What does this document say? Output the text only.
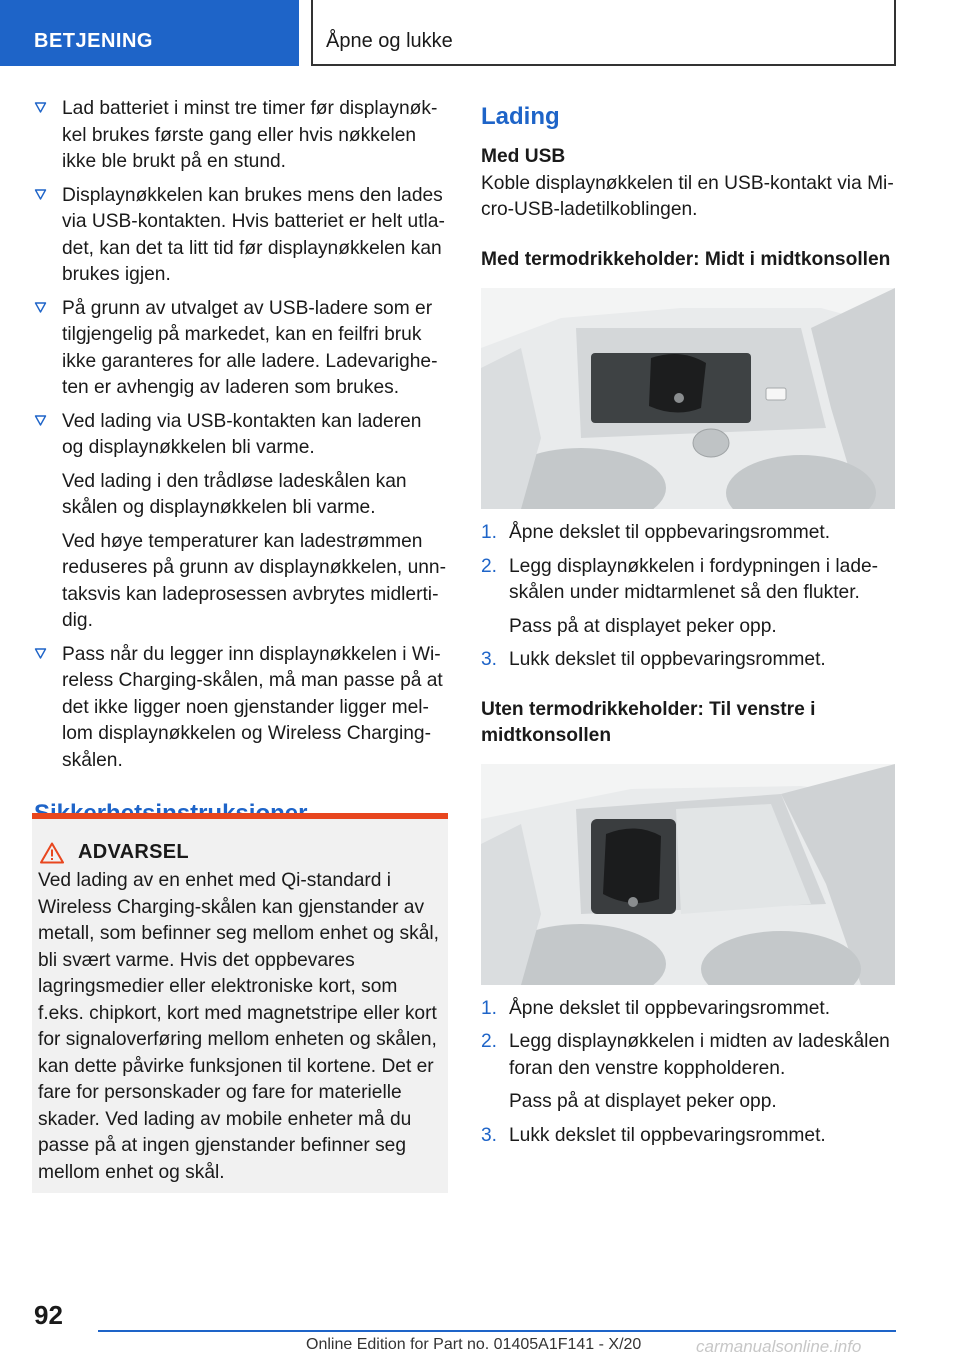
BETJENING	Åpne og lukke

Lad batteriet i minst tre timer før displaynøkkel brukes første gang eller hvis nøkkelen ikke ble brukt på en stund.

Displaynøkkelen kan brukes mens den lades via USB-kontakten. Hvis batteriet er helt utladet, kan det ta litt tid før displaynøkkelen kan brukes igjen.

På grunn av utvalget av USB-ladere som er tilgjengelig på markedet, kan en feilfri bruk ikke garanteres for alle ladere. Ladevarigheten er avhengig av laderen som brukes.

Ved lading via USB-kontakten kan laderen og displaynøkkelen bli varme.

Ved lading i den trådløse ladeskålen kan skålen og displaynøkkelen bli varme.

Ved høye temperaturer kan ladestrømmen reduseres på grunn av displaynøkkelen, unntaksvis kan ladeprosessen avbrytes midlertidig.

Pass når du legger inn displaynøkkelen i Wireless Charging-skålen, må man passe på at det ikke ligger noen gjenstander ligger mellom displaynøkkelen og Wireless Charging-skålen.

ADVARSEL

Ved lading av en enhet med Qi-standard i Wireless Charging-skålen kan gjenstander av metall, som befinner seg mellom enhet og skål, bli svært varme. Hvis det oppbevares lagringsmedier eller elektroniske kort, som f.eks. chipkort, kort med magnetstripe eller kort for signaloverføring mellom enheten og skålen, kan dette påvirke funksjonen til kortene. Det er fare for personskader og fare for materielle skader. Ved lading av mobile enheter må du passe på at ingen gjenstander befinner seg mellom enhet og skål.

Lading
Med USB

Koble displaynøkkelen til en USB-kontakt via Micro-USB-ladetilkoblingen.

Med termodrikkeholder: Midt i midtkonsollen
1. Åpne dekslet til oppbevaringsrommet.

2. Legg displaynøkkelen i fordypningen i ladeskålen under midtarmlenet så den flukter.

Pass på at displayet peker opp.

3. Lukk dekslet til oppbevaringsrommet.

Uten termodrikkeholder: Til venstre i midtkonsollen
1. Åpne dekslet til oppbevaringsrommet.

2. Legg displaynøkkelen i midten av ladeskålen foran den venstre koppholderen.

Pass på at displayet peker opp.

3. Lukk dekslet til oppbevaringsrommet.

92
Online Edition for Part no. 01405A1F141 - X/20	carmanualsonline.info
